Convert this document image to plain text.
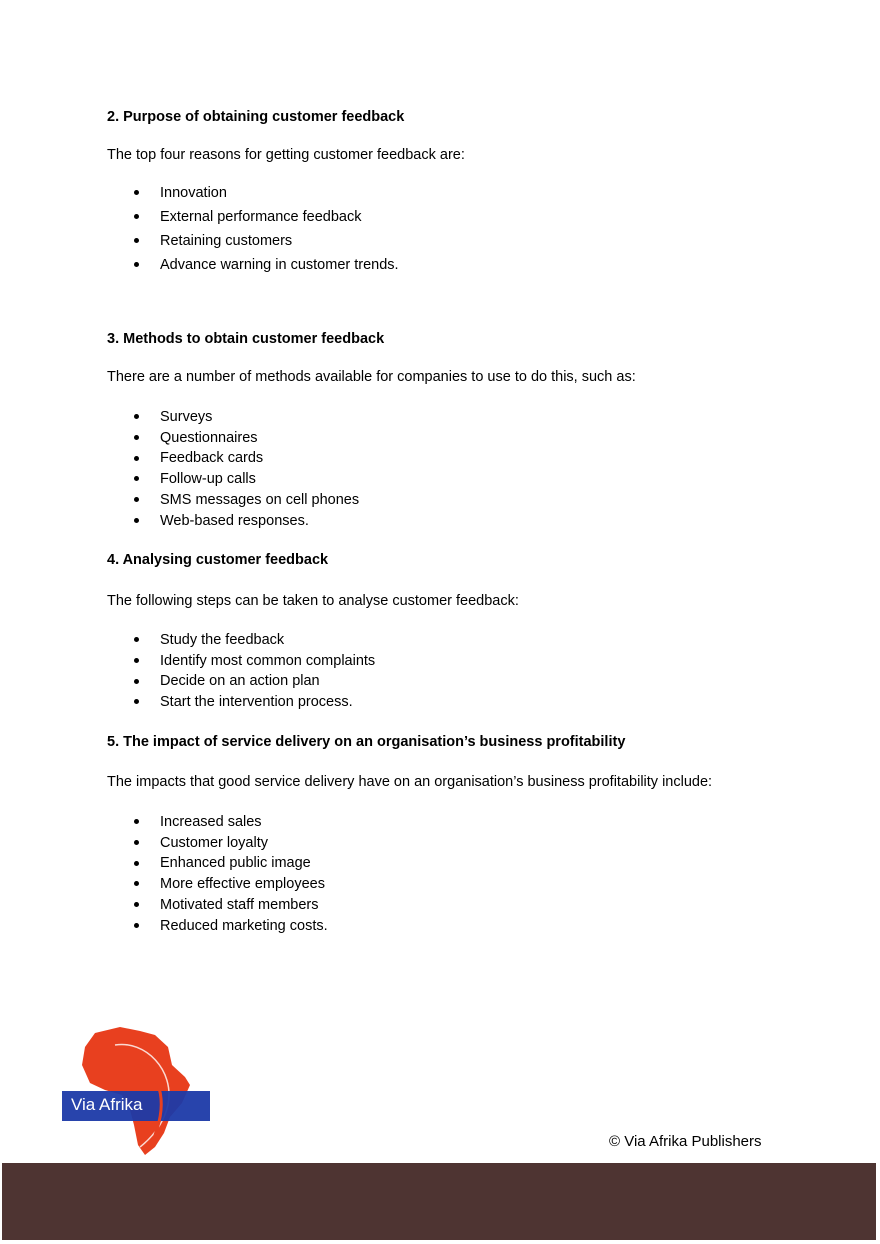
2. Purpose of obtaining customer feedback

The top four reasons for getting customer feedback are:

Innovation
External performance feedback
Retaining customers
Advance warning in customer trends.

3. Methods to obtain customer feedback

There are a number of methods available for companies to use to do this, such as:

Surveys
Questionnaires
Feedback cards
Follow-up calls
SMS messages on cell phones
Web-based responses.

4. Analysing customer feedback

The following steps can be taken to analyse customer feedback:

Study the feedback
Identify most common complaints
Decide on an action plan
Start the intervention process.

5. The impact of service delivery on an organisation’s business profitability

The impacts that good service delivery have on an organisation’s business profitability include:

Increased sales
Customer loyalty
Enhanced public image
More effective employees
Motivated staff members
Reduced marketing costs.
Via Afrika
© Via Afrika Publishers
